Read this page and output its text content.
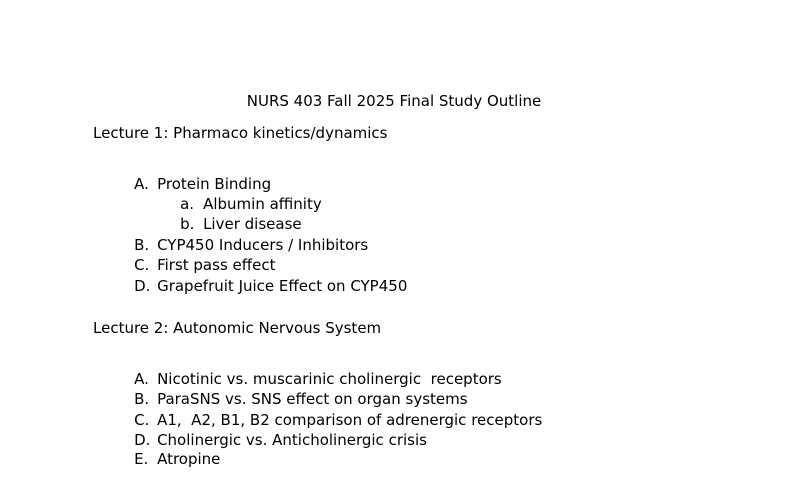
NURS 403 Fall 2025 Final Study Outline
Lecture 1: Pharmaco kinetics/dynamics

A. Protein Binding

a. Albumin affinity

b. Liver disease

B. CYP450 Inducers / Inhibitors

C. First pass effect

D. Grapefruit Juice Effect on CYP450

Lecture 2: Autonomic Nervous System

A. Nicotinic vs. muscarinic cholinergic  receptors

B. ParaSNS vs. SNS effect on organ systems

C. A1,  A2, B1, B2 comparison of adrenergic receptors

D. Cholinergic vs. Anticholinergic crisis

E. Atropine
